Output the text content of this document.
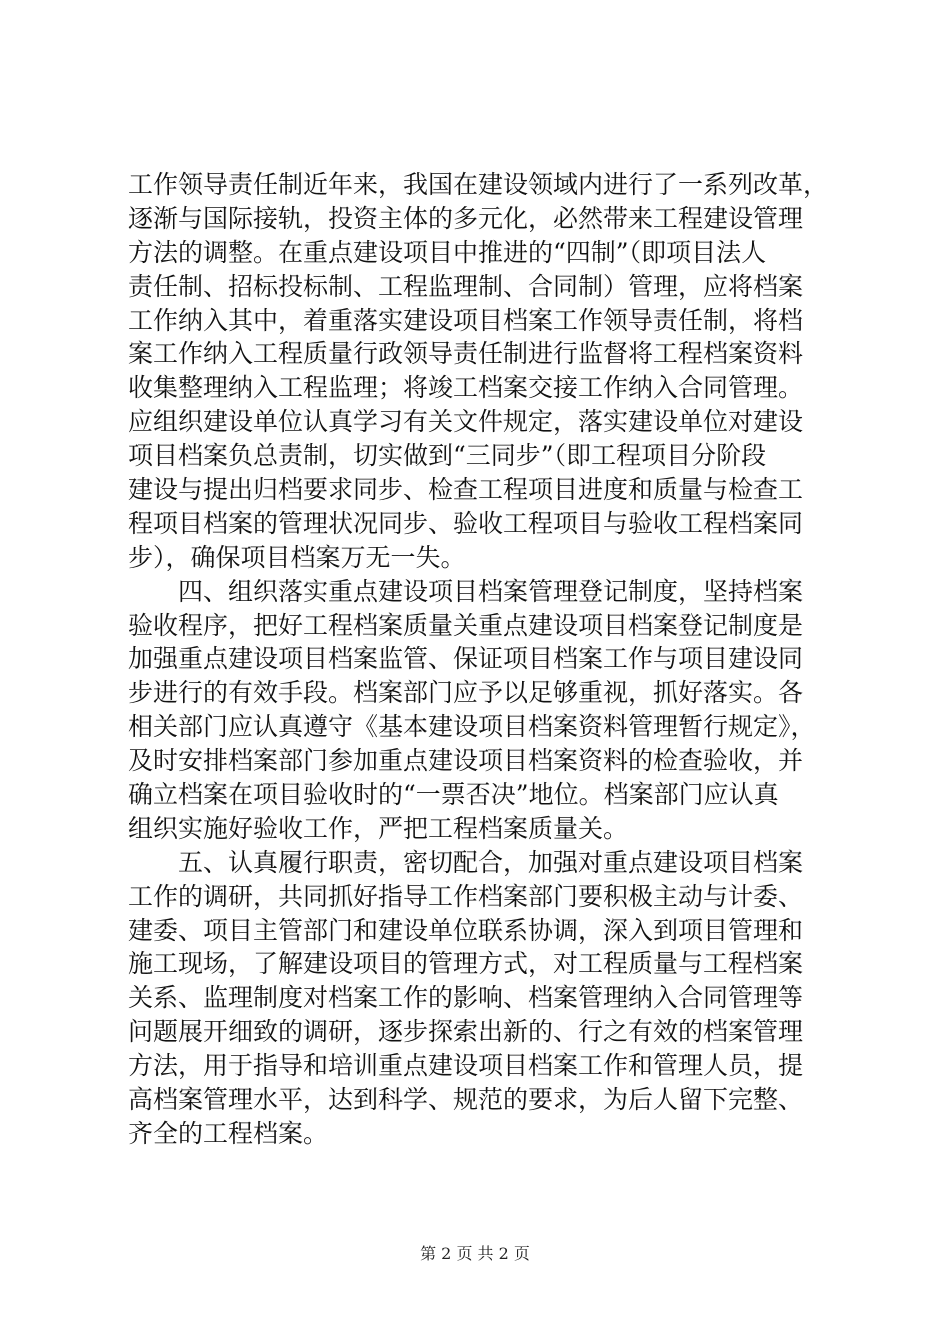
工作领导责任制近年来，我国在建设领域内进行了一系列改革，
逐渐与国际接轨，投资主体的多元化，必然带来工程建设管理
方法的调整。在重点建设项目中推进的“四制”（即项目法人
责任制、招标投标制、工程监理制、合同制）管理，应将档案
工作纳入其中，着重落实建设项目档案工作领导责任制，将档
案工作纳入工程质量行政领导责任制进行监督将工程档案资料
收集整理纳入工程监理；将竣工档案交接工作纳入合同管理。
应组织建设单位认真学习有关文件规定，落实建设单位对建设
项目档案负总责制，切实做到“三同步”（即工程项目分阶段
建设与提出归档要求同步、检查工程项目进度和质量与检查工
程项目档案的管理状况同步、验收工程项目与验收工程档案同
步），确保项目档案万无一失。
四、组织落实重点建设项目档案管理登记制度，坚持档案
验收程序，把好工程档案质量关重点建设项目档案登记制度是
加强重点建设项目档案监管、保证项目档案工作与项目建设同
步进行的有效手段。档案部门应予以足够重视，抓好落实。各
相关部门应认真遵守《基本建设项目档案资料管理暂行规定》，
及时安排档案部门参加重点建设项目档案资料的检查验收，并
确立档案在项目验收时的“一票否决”地位。档案部门应认真
组织实施好验收工作，严把工程档案质量关。
五、认真履行职责，密切配合，加强对重点建设项目档案
工作的调研，共同抓好指导工作档案部门要积极主动与计委、
建委、项目主管部门和建设单位联系协调，深入到项目管理和
施工现场，了解建设项目的管理方式，对工程质量与工程档案
关系、监理制度对档案工作的影响、档案管理纳入合同管理等
问题展开细致的调研，逐步探索出新的、行之有效的档案管理
方法，用于指导和培训重点建设项目档案工作和管理人员，提
高档案管理水平，达到科学、规范的要求，为后人留下完整、
齐全的工程档案。
第 2 页 共 2 页
